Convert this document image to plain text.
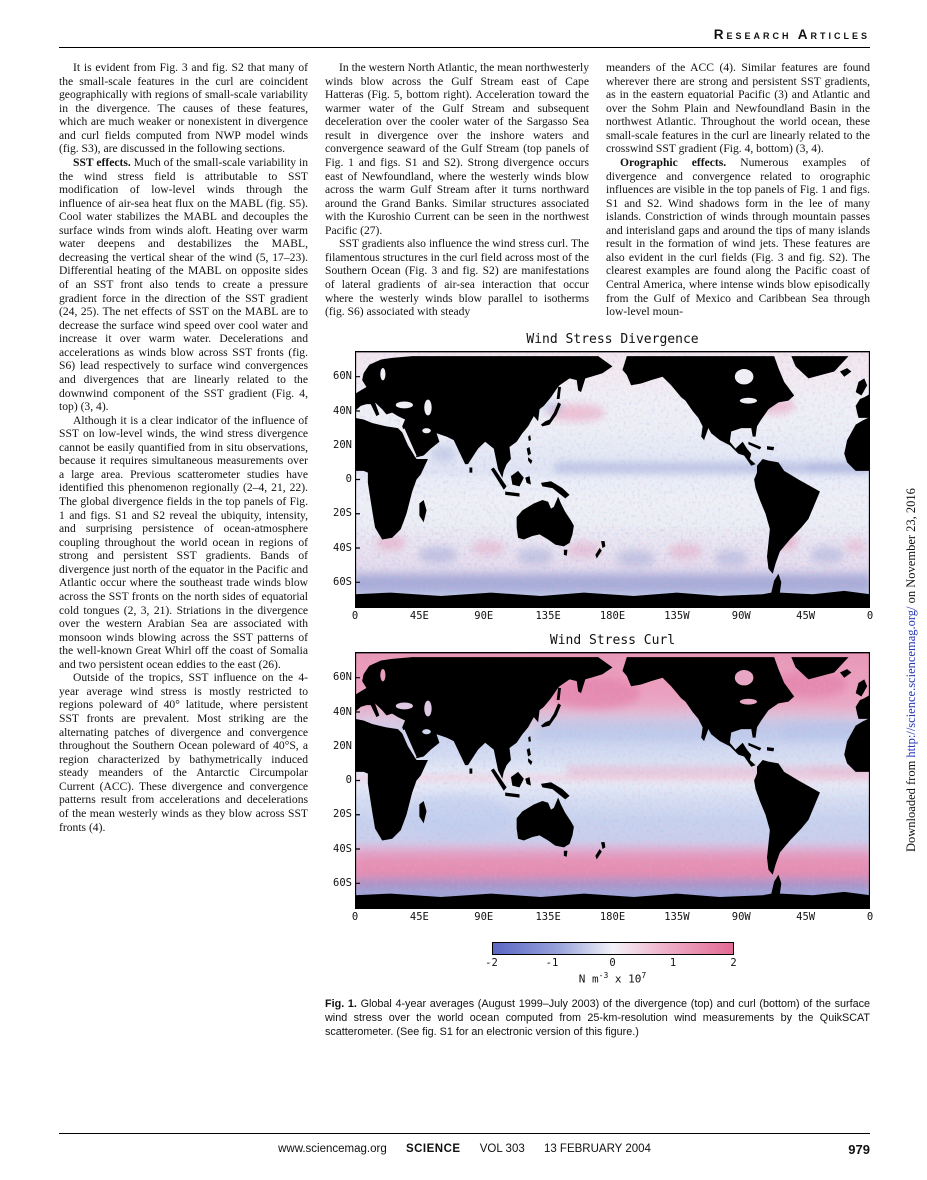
Research Articles

It is evident from Fig. 3 and fig. S2 that many of the small-scale features in the curl are coincident geographically with regions of small-scale variability in the divergence. The causes of these features, which are much weaker or nonexistent in divergence and curl fields computed from NWP model winds (fig. S3), are discussed in the following sections.

SST effects. Much of the small-scale variability in the wind stress field is attributable to SST modification of low-level winds through the influence of air-sea heat flux on the MABL (fig. S5). Cool water stabilizes the MABL and decouples the surface winds from winds aloft. Heating over warm water deepens and destabilizes the MABL, decreasing the vertical shear of the wind (5, 17–23). Differential heating of the MABL on opposite sides of an SST front also tends to create a pressure gradient force in the direction of the SST gradient (24, 25). The net effects of SST on the MABL are to decrease the surface wind speed over cool water and increase it over warm water. Decelerations and accelerations as winds blow across SST fronts (fig. S6) lead respectively to surface wind convergences and divergences that are linearly related to the downwind component of the SST gradient (Fig. 4, top) (3, 4).

Although it is a clear indicator of the influence of SST on low-level winds, the wind stress divergence cannot be easily quantified from in situ observations, because it requires simultaneous measurements over a large area. Previous scatterometer studies have identified this phenomenon regionally (2–4, 21, 22). The global divergence fields in the top panels of Fig. 1 and figs. S1 and S2 reveal the ubiquity, intensity, and surprising persistence of ocean-atmosphere coupling throughout the world ocean in regions of strong and persistent SST gradients. Bands of divergence just north of the equator in the Pacific and Atlantic occur where the southeast trade winds blow across the SST fronts on the north sides of equatorial cold tongues (2, 3, 21). Striations in the divergence over the western Arabian Sea are associated with monsoon winds blowing across the SST patterns of the well-known Great Whirl off the coast of Somalia and two persistent ocean eddies to the east (26).

Outside of the tropics, SST influence on the 4-year average wind stress is mostly restricted to regions poleward of 40° latitude, where persistent SST fronts are prevalent. Most striking are the alternating patches of divergence and convergence throughout the Southern Ocean poleward of 40°S, a region characterized by bathymetrically induced steady meanders of the Antarctic Circumpolar Current (ACC). These divergence and convergence patterns result from accelerations and decelerations of the mean westerly winds as they blow across SST fronts (4).

In the western North Atlantic, the mean northwesterly winds blow across the Gulf Stream east of Cape Hatteras (Fig. 5, bottom right). Acceleration toward the warmer water of the Gulf Stream and subsequent deceleration over the cooler water of the Sargasso Sea result in divergence over the inshore waters and convergence seaward of the Gulf Stream (top panels of Fig. 1 and figs. S1 and S2). Strong divergence occurs east of Newfoundland, where the westerly winds blow across the warm Gulf Stream after it turns northward around the Grand Banks. Similar structures associated with the Kuroshio Current can be seen in the northwest Pacific (27).

SST gradients also influence the wind stress curl. The filamentous structures in the curl field across most of the Southern Ocean (Fig. 3 and fig. S2) are manifestations of lateral gradients of air-sea interaction that occur where the westerly winds blow parallel to isotherms (fig. S6) associated with steady

meanders of the ACC (4). Similar features are found wherever there are strong and persistent SST gradients, as in the eastern equatorial Pacific (3) and Atlantic and over the Sohm Plain and Newfoundland Basin in the northwest Atlantic. Throughout the world ocean, these small-scale features in the curl are linearly related to the crosswind SST gradient (Fig. 4, bottom) (3, 4).

Orographic effects. Numerous examples of divergence and convergence related to orographic influences are visible in the top panels of Fig. 1 and figs. S1 and S2. Wind shadows form in the lee of many islands. Constriction of winds through mountain passes and interisland gaps and around the tips of many islands result in the formation of wind jets. These features are also evident in the curl fields (Fig. 3 and fig. S2). The clearest examples are found along the Pacific coast of Central America, where intense winds blow episodically from the Gulf of Mexico and Caribbean Sea through low-level moun-

Wind Stress Divergence
60N
40N
20N
0
20S
40S
60S
0	45E	90E	135E	180E	135W	90W	45W	0
Wind Stress Curl
60N
40N
20N
0
20S
40S
60S
0	45E	90E	135E	180E	135W	90W	45W	0
-2	-1	0	1	2
N $m^{-3}$ x $10^7$

Fig. 1. Global 4-year averages (August 1999–July 2003) of the divergence (top) and curl (bottom) of the surface wind stress over the world ocean computed from 25-km-resolution wind measurements by the QuikSCAT scatterometer. (See fig. S1 for an electronic version of this figure.)

www.sciencemag.org SCIENCE VOL 303 13 FEBRUARY 2004	979
Downloaded from http://science.sciencemag.org/ on November 23, 2016
